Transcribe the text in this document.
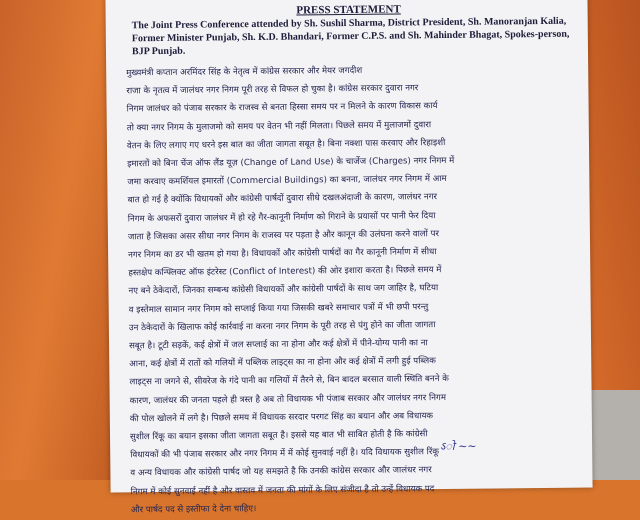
PRESS STATEMENT
The Joint Press Conference attended by Sh. Sushil Sharma, District President, Sh. Manoranjan Kalia, Former Minister Punjab, Sh. K.D. Bhandari, Former C.P.S. and Sh. Mahinder Bhagat, Spokes-person, BJP Punjab.

मुख्यमंत्री कप्तान अरमिंदर सिंह के नेतृत्व में कांग्रेस सरकार और मेयर जगदीश

राजा के नृतत्व में जालंधर नगर निगम पूरी तरह से विफल हो चुका है। कांग्रेस सरकार दुवारा नगर

निगम जालंधर को पंजाब सरकार के राजस्व से बनता हिस्सा समय पर न मिलने के कारण विकास कार्य

तो क्या नगर निगम के मुलाजमो को समय पर वेतन भी नहीं मिलता। पिछले समय में मुलाजमों दुवारा

वेतन के लिए लगाए गए धरने इस बात का जीता जागता सबूत है। बिना नक्शा पास करवाए और रिहाइशी

इमारतों को बिना चेंज ऑफ लैंड यूज़ (Change of Land Use) के चार्जेज (Charges) नगर निगम में

जमा करवाए कमर्शियल इमारतों (Commercial Buildings) का बनना, जालंधर नगर निगम में आम

बात हो गई है क्योंकि विधायकों और कांग्रेसी पार्षदों दुवारा सीधे दखलअंदाजी के कारण, जालंधर नगर

निगम के अफसरों दुवारा जालंधर में हो रहे गैर-कानूनी निर्माण को गिराने के प्रयासों पर पानी फेर दिया

जाता है जिसका असर सीधा नगर निगम के राजस्व पर पड़ता है और कानून की उलंघना करने वालों पर

नगर निगम का डर भी खतम हो गया है। विधायकों और कांग्रेसी पार्षदों का गैर कानूनी निर्माण में सीधा

हस्तक्षेप कन्फ्लिक्ट ऑफ इंटरेस्ट (Conflict of Interest) की ओर इशारा करता है। पिछले समय में

नए बने ठेकेदारों, जिनका सम्बन्ध कांग्रेसी विधायकों और कांग्रेसी पार्षदों के साथ जग जाहिर है, घटिया

व इस्तेमाल सामान नगर निगम को सप्लाई किया गया जिसकी खबरे समाचार पत्रों में भी छपी परन्तु

उन ठेकेदारों के खिलाफ कोई कार्रवाई ना करना नगर निगम के पूरी तरह से पंगु होने का जीता जागता

सबूत है। टूटी सड़कें, कई क्षेत्रों में जल सप्लाई का ना होना और कई क्षेत्रों में पीने-योग्य पानी का ना

आना, कई क्षेत्रों में रातों को गलियों में पब्लिक लाइट्स का ना होना और कई क्षेत्रों में लगी हुई पब्लिक

लाइट्स ना जगने से, सीवरेज के गंदे पानी का गलियों में तैरने से, बिन बादल बरसात वाली स्थिति बनने के

कारण, जालंधर की जनता पहले ही त्रस्त है अब तो विधायक भी पंजाब सरकार और जालंधर नगर निगम

की पोल खोलने में लगे है। पिछले समय में विधायक सरदार परगट सिंह का बयान और अब विधायक

सुशील रिंकू का बयान इसका जीता जागता सबूत है। इससे यह बात भी साबित होती है कि कांग्रेसी

विधायकों की भी पंजाब सरकार और नगर निगम में में कोई सुनवाई नहीं है। यदि विधायक सुशील रिंकू

व अन्य विधायक और कांग्रेसी पार्षद जो यह समझते है कि उनकी कांग्रेस सरकार और जालंधर नगर

निगम में कोई सुनवाई नहीं है और वास्तव में जनता की मांगों के लिए संजीदा है तो उन्हें विधायक पद

और पार्षद पद से इस्तीफा दे देना चाहिए।

ऽो ~~
